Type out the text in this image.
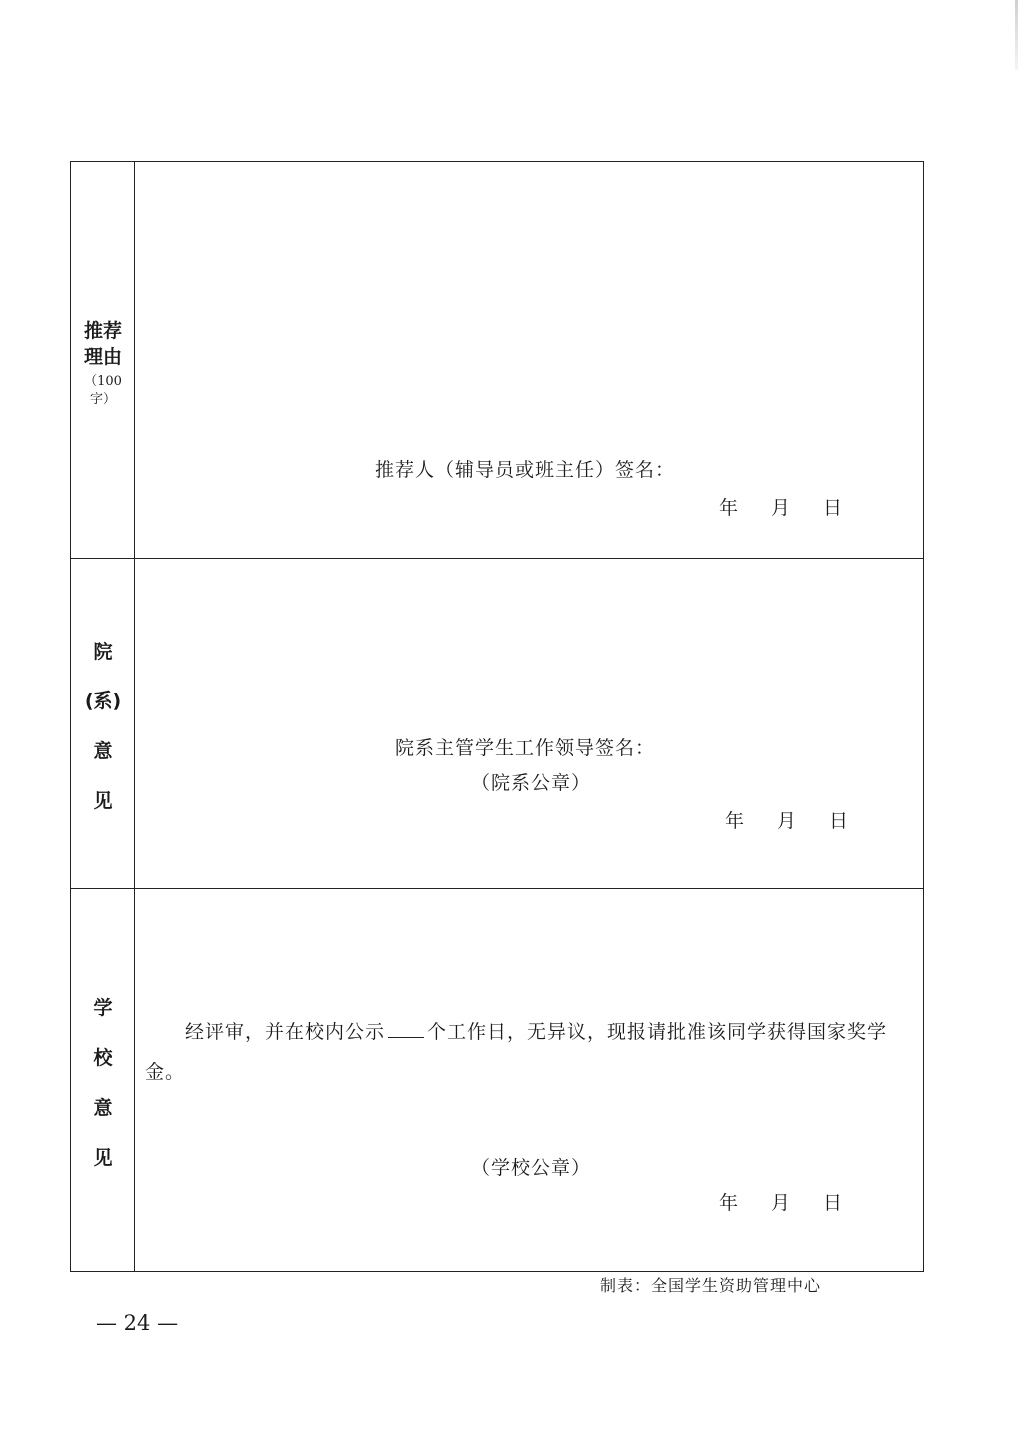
推荐
理由
（100
字）
推荐人（辅导员或班主任）签名：
年 月 日
院
(系)
意
见
院系主管学生工作领导签名：
（院系公章）
年 月 日
学
校
意
见
经评审，并在校内公示 个工作日，无异议，现报请批准该同学获得国家奖学
金。
（学校公章）
年 月 日
制表：全国学生资助管理中心
— 24 —
